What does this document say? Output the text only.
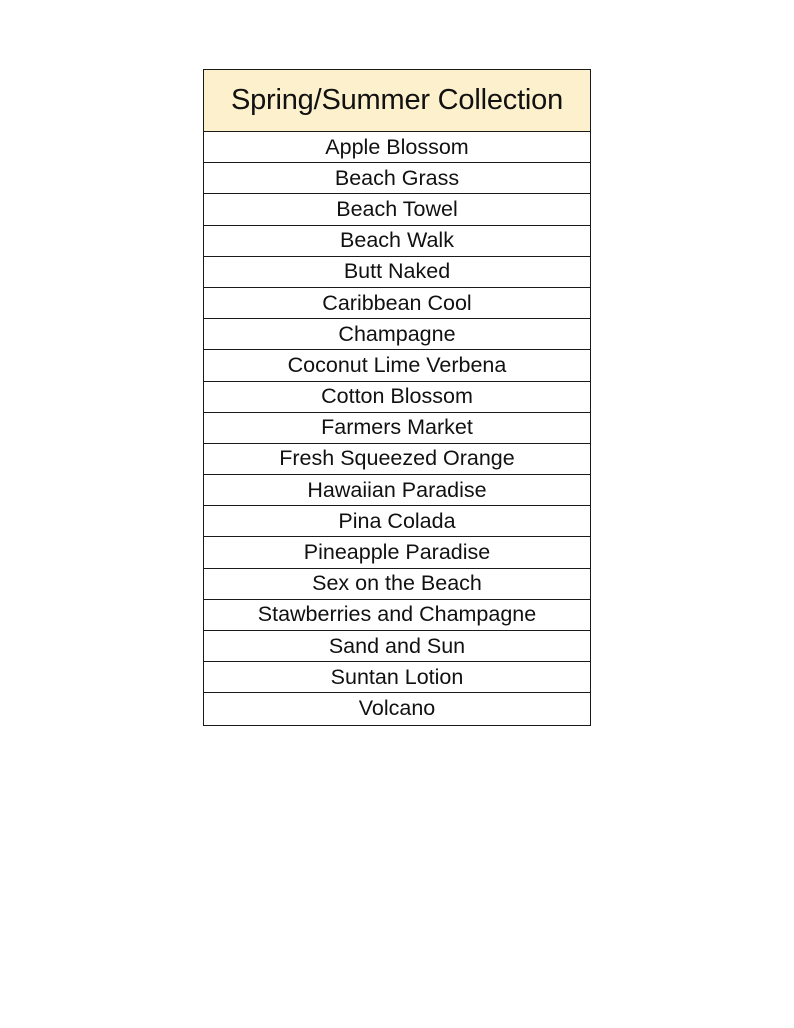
Spring/Summer Collection
Apple Blossom
Beach Grass
Beach Towel
Beach Walk
Butt Naked
Caribbean Cool
Champagne
Coconut Lime Verbena
Cotton Blossom
Farmers Market
Fresh Squeezed Orange
Hawaiian Paradise
Pina Colada
Pineapple Paradise
Sex on the Beach
Stawberries and Champagne
Sand and Sun
Suntan Lotion
Volcano
